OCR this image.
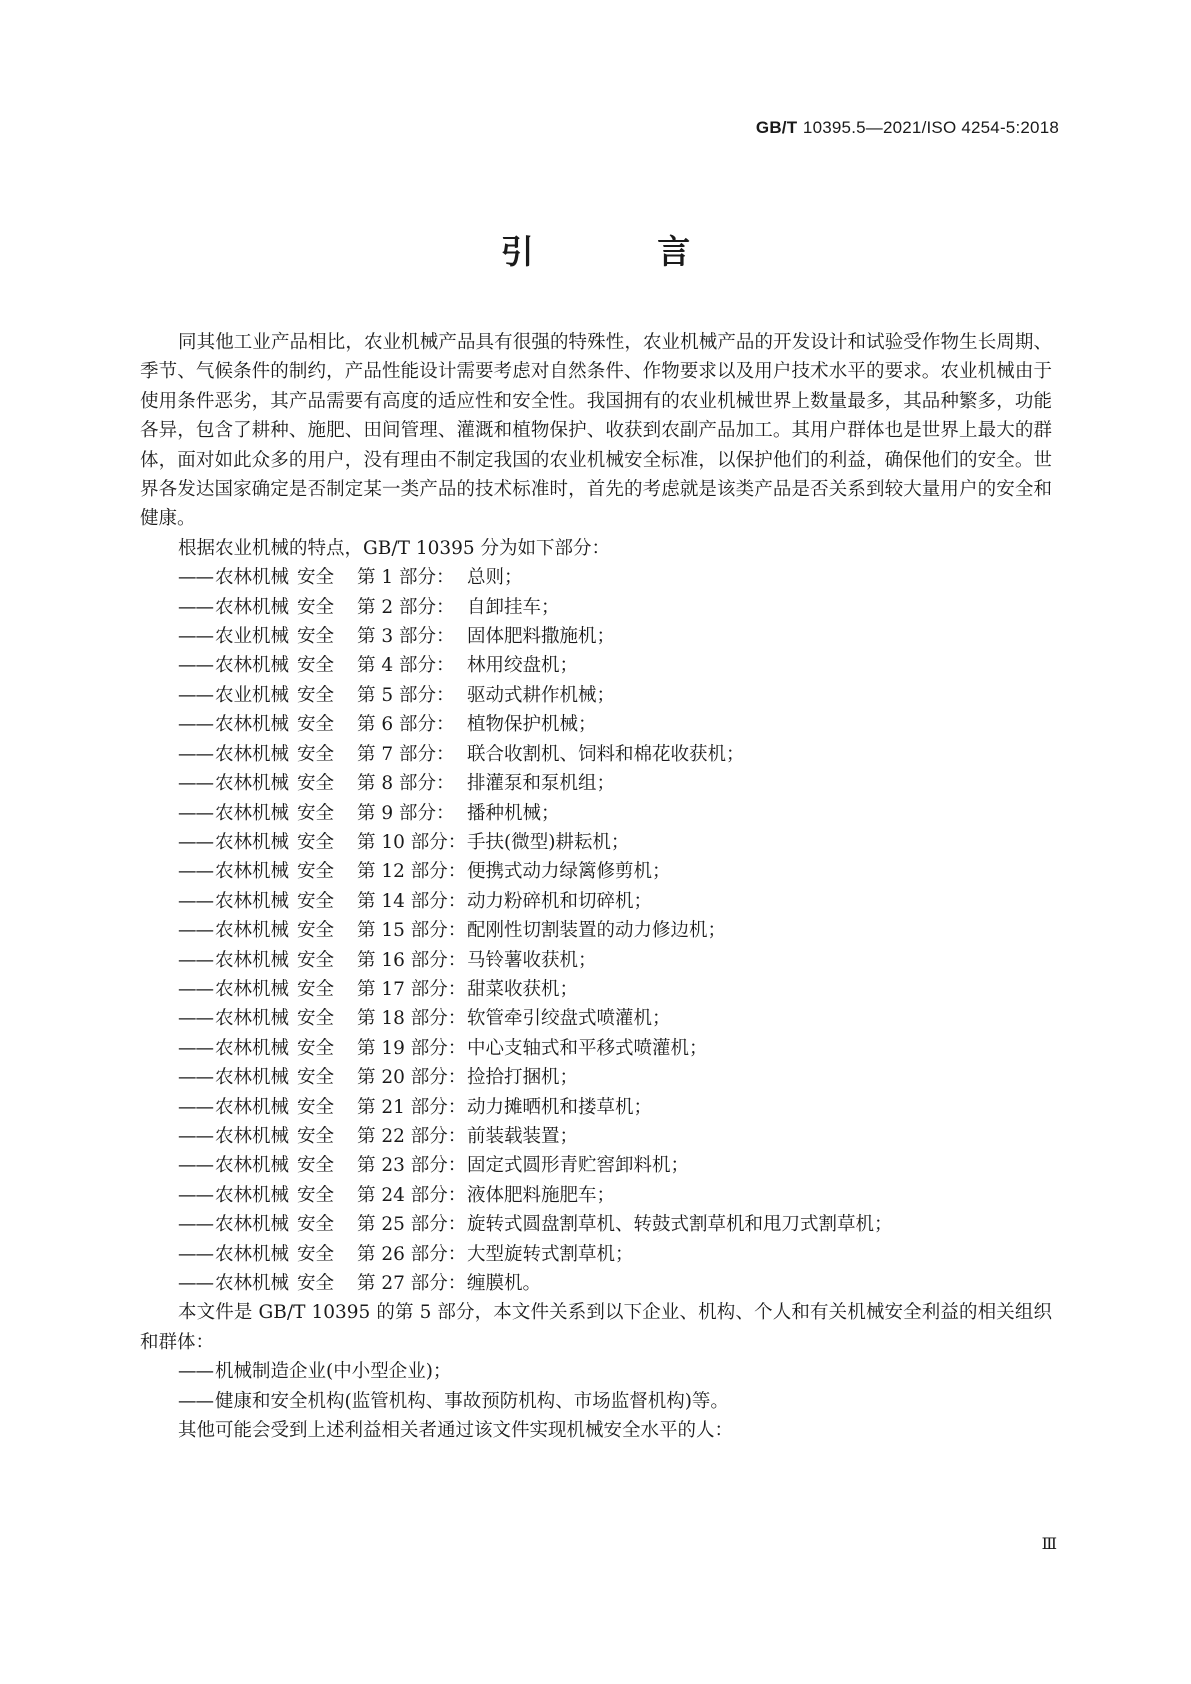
GB/T 10395.5—2021/ISO 4254-5:2018
引 言

同其他工业产品相比，农业机械产品具有很强的特殊性，农业机械产品的开发设计和试验受作物生长周期、季节、气候条件的制约，产品性能设计需要考虑对自然条件、作物要求以及用户技术水平的要求。农业机械由于使用条件恶劣，其产品需要有高度的适应性和安全性。我国拥有的农业机械世界上数量最多，其品种繁多，功能各异，包含了耕种、施肥、田间管理、灌溉和植物保护、收获到农副产品加工。其用户群体也是世界上最大的群体，面对如此众多的用户，没有理由不制定我国的农业机械安全标准，以保护他们的利益，确保他们的安全。世界各发达国家确定是否制定某一类产品的技术标准时，首先的考虑就是该类产品是否关系到较大量用户的安全和健康。

根据农业机械的特点，GB/T 10395 分为如下部分：

—— 农林机械 安全 第 1 部分： 总则；
—— 农林机械 安全 第 2 部分： 自卸挂车；
—— 农业机械 安全 第 3 部分： 固体肥料撒施机；
—— 农林机械 安全 第 4 部分： 林用绞盘机；
—— 农业机械 安全 第 5 部分： 驱动式耕作机械；
—— 农林机械 安全 第 6 部分： 植物保护机械；
—— 农林机械 安全 第 7 部分： 联合收割机、饲料和棉花收获机；
—— 农林机械 安全 第 8 部分： 排灌泵和泵机组；
—— 农林机械 安全 第 9 部分： 播种机械；
—— 农林机械 安全 第 10 部分：手扶(微型)耕耘机；
—— 农林机械 安全 第 12 部分：便携式动力绿篱修剪机；
—— 农林机械 安全 第 14 部分：动力粉碎机和切碎机；
—— 农林机械 安全 第 15 部分：配刚性切割装置的动力修边机；
—— 农林机械 安全 第 16 部分：马铃薯收获机；
—— 农林机械 安全 第 17 部分：甜菜收获机；
—— 农林机械 安全 第 18 部分：软管牵引绞盘式喷灌机；
—— 农林机械 安全 第 19 部分：中心支轴式和平移式喷灌机；
—— 农林机械 安全 第 20 部分：捡拾打捆机；
—— 农林机械 安全 第 21 部分：动力摊晒机和搂草机；
—— 农林机械 安全 第 22 部分：前装载装置；
—— 农林机械 安全 第 23 部分：固定式圆形青贮窖卸料机；
—— 农林机械 安全 第 24 部分：液体肥料施肥车；
—— 农林机械 安全 第 25 部分：旋转式圆盘割草机、转鼓式割草机和甩刀式割草机；
—— 农林机械 安全 第 26 部分：大型旋转式割草机；
—— 农林机械 安全 第 27 部分：缠膜机。

本文件是 GB/T 10395 的第 5 部分，本文件关系到以下企业、机构、个人和有关机械安全利益的相关组织和群体：

—— 机械制造企业(中小型企业)；
—— 健康和安全机构(监管机构、事故预防机构、市场监督机构)等。

其他可能会受到上述利益相关者通过该文件实现机械安全水平的人：

Ⅲ
